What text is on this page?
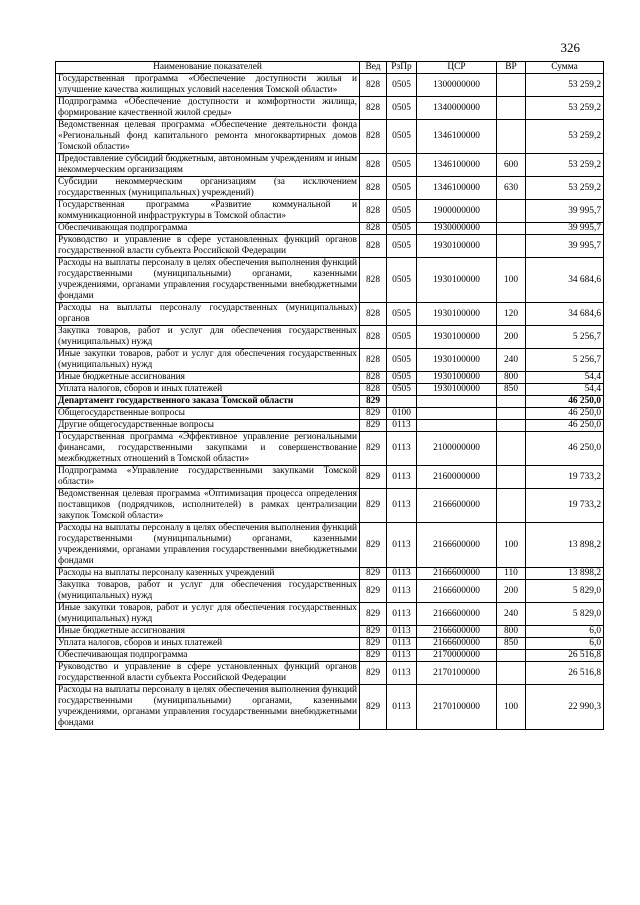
326
Наименование показателей	Вед	РзПр	ЦСР	ВР	Сумма
Государственная программа «Обеспечение доступности жилья и улучшение качества жилищных условий населения Томской области»	828	0505	1300000000		53 259,2
Подпрограмма «Обеспечение доступности и комфортности жилища, формирование качественной жилой среды»	828	0505	1340000000		53 259,2
Ведомственная целевая программа «Обеспечение деятельности фонда «Региональный фонд капитального ремонта многоквартирных домов Томской области»	828	0505	1346100000		53 259,2
Предоставление субсидий бюджетным, автономным учреждениям и иным некоммерческим организациям	828	0505	1346100000	600	53 259,2
Субсидии некоммерческим организациям (за исключением государственных (муниципальных) учреждений)	828	0505	1346100000	630	53 259,2
Государственная программа «Развитие коммунальной и коммуникационной инфраструктуры в Томской области»	828	0505	1900000000		39 995,7
Обеспечивающая подпрограмма	828	0505	1930000000		39 995,7
Руководство и управление в сфере установленных функций органов государственной власти субъекта Российской Федерации	828	0505	1930100000		39 995,7
Расходы на выплаты персоналу в целях обеспечения выполнения функций государственными (муниципальными) органами, казенными учреждениями, органами управления государственными внебюджетными фондами	828	0505	1930100000	100	34 684,6
Расходы на выплаты персоналу государственных (муниципальных) органов	828	0505	1930100000	120	34 684,6
Закупка товаров, работ и услуг для обеспечения государственных (муниципальных) нужд	828	0505	1930100000	200	5 256,7
Иные закупки товаров, работ и услуг для обеспечения государственных (муниципальных) нужд	828	0505	1930100000	240	5 256,7
Иные бюджетные ассигнования	828	0505	1930100000	800	54,4
Уплата налогов, сборов и иных платежей	828	0505	1930100000	850	54,4
Департамент государственного заказа Томской области	829				46 250,0
Общегосударственные вопросы	829	0100			46 250,0
Другие общегосударственные вопросы	829	0113			46 250,0
Государственная программа «Эффективное управление региональными финансами, государственными закупками и совершенствование межбюджетных отношений в Томской области»	829	0113	2100000000		46 250,0
Подпрограмма «Управление государственными закупками Томской области»	829	0113	2160000000		19 733,2
Ведомственная целевая программа «Оптимизация процесса определения поставщиков (подрядчиков, исполнителей) в рамках централизации закупок Томской области»	829	0113	2166600000		19 733,2
Расходы на выплаты персоналу в целях обеспечения выполнения функций государственными (муниципальными) органами, казенными учреждениями, органами управления государственными внебюджетными фондами	829	0113	2166600000	100	13 898,2
Расходы на выплаты персоналу казенных учреждений	829	0113	2166600000	110	13 898,2
Закупка товаров, работ и услуг для обеспечения государственных (муниципальных) нужд	829	0113	2166600000	200	5 829,0
Иные закупки товаров, работ и услуг для обеспечения государственных (муниципальных) нужд	829	0113	2166600000	240	5 829,0
Иные бюджетные ассигнования	829	0113	2166600000	800	6,0
Уплата налогов, сборов и иных платежей	829	0113	2166600000	850	6,0
Обеспечивающая подпрограмма	829	0113	2170000000		26 516,8
Руководство и управление в сфере установленных функций органов государственной власти субъекта Российской Федерации	829	0113	2170100000		26 516,8
Расходы на выплаты персоналу в целях обеспечения выполнения функций государственными (муниципальными) органами, казенными учреждениями, органами управления государственными внебюджетными фондами	829	0113	2170100000	100	22 990,3
